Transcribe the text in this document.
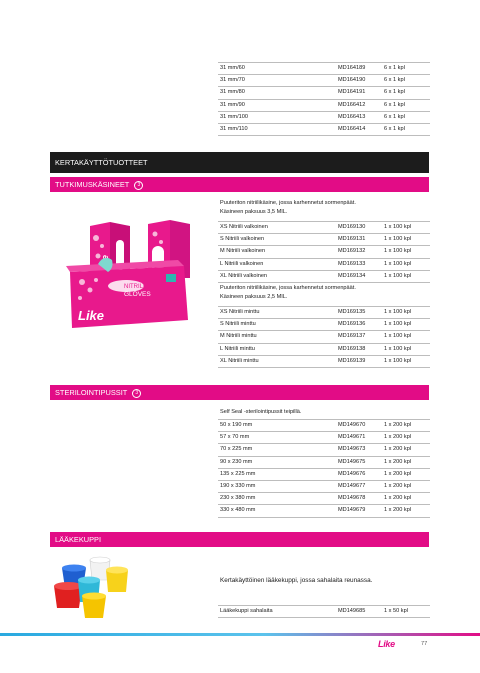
31 mm/60	MD164189	6 x 1 kpl
31 mm/70	MD164190	6 x 1 kpl
31 mm/80	MD164191	6 x 1 kpl
31 mm/90	MD166412	6 x 1 kpl
31 mm/100	MD166413	6 x 1 kpl
31 mm/110	MD166414	6 x 1 kpl
KERTAKÄYTTÖTUOTTEET
TUTKIMUSKÄSINEET 3
NITRILE
GLOVES
Like
Puuteriton nitriilikäsine, jossa karhennetut sormenpäät.
Käsineen paksuus 3,5 MIL.
XS Nitriili valkoinen	MD169130	1 x 100 kpl
S Nitriili valkoinen	MD169131	1 x 100 kpl
M Nitriili valkoinen	MD169132	1 x 100 kpl
L Nitriili valkoinen	MD169133	1 x 100 kpl
XL Nitriili valkoinen	MD169134	1 x 100 kpl
Puuteriton nitriilikäsine, jossa karhennetut sormenpäät.
Käsineen paksuus 2,5 MIL.
XS Nitriili minttu	MD169135	1 x 100 kpl
S Nitriili minttu	MD169136	1 x 100 kpl
M Nitriili minttu	MD169137	1 x 100 kpl
L Nitriili minttu	MD169138	1 x 100 kpl
XL Nitriili minttu	MD169139	1 x 100 kpl
STERILOINTIPUSSIT 3
Self Seal -sterilointipussit teipillä.
50 x 190 mm	MD149670	1 x 200 kpl
57 x 70 mm	MD149671	1 x 200 kpl
70 x 225 mm	MD149673	1 x 200 kpl
90 x 230 mm	MD149675	1 x 200 kpl
135 x 225 mm	MD149676	1 x 200 kpl
190 x 330 mm	MD149677	1 x 200 kpl
230 x 380 mm	MD149678	1 x 200 kpl
330 x 480 mm	MD149679	1 x 200 kpl
LÄÄKEKUPPI
Kertakäyttöinen lääkekuppi, jossa sahalaita reunassa.
Lääkekuppi sahalaita	MD149685	1 x 50 kpl
Like	77
